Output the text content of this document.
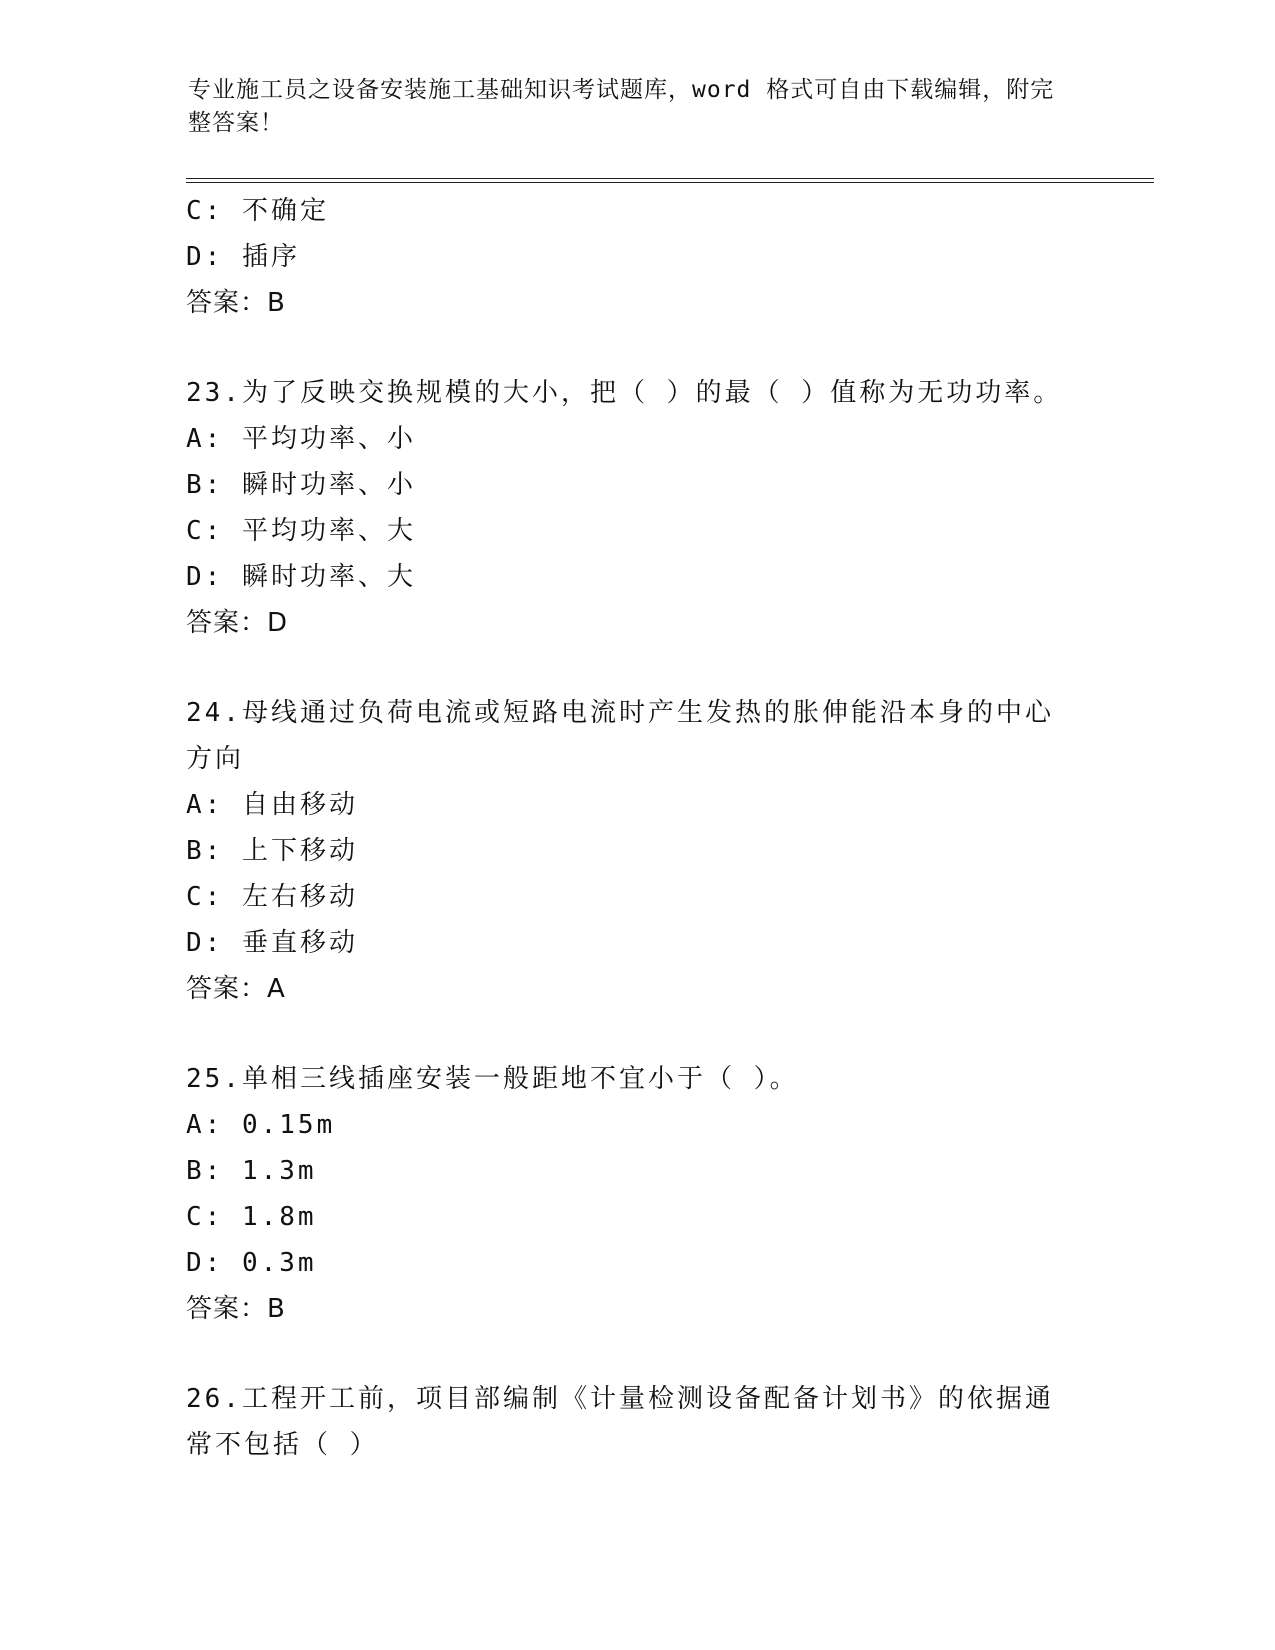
专业施工员之设备安装施工基础知识考试题库，word 格式可自由下载编辑，附完
整答案！
C: 不确定
D: 插序
答案：B
23.为了反映交换规模的大小，把（ ）的最（ ）值称为无功功率。
A: 平均功率、小
B: 瞬时功率、小
C: 平均功率、大
D: 瞬时功率、大
答案：D
24.母线通过负荷电流或短路电流时产生发热的胀伸能沿本身的中心方向
A: 自由移动
B: 上下移动
C: 左右移动
D: 垂直移动
答案：A
25.单相三线插座安装一般距地不宜小于（ ）。
A: 0.15m
B: 1.3m
C: 1.8m
D: 0.3m
答案：B
26.工程开工前，项目部编制《计量检测设备配备计划书》的依据通常不包括（ ）
